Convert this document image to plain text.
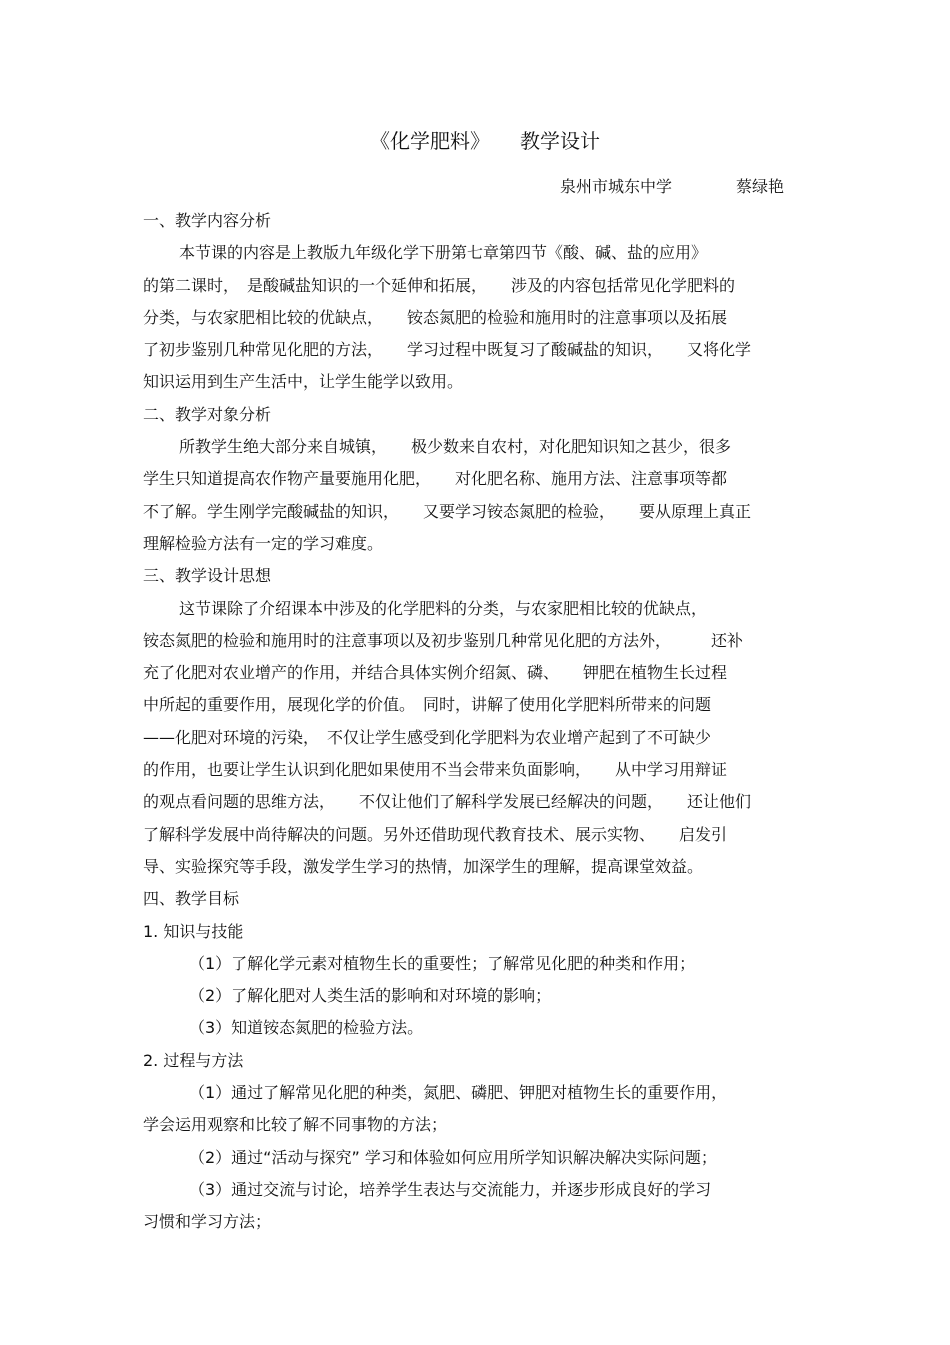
《化学肥料》　　教学设计
泉州市城东中学　　　　蔡绿艳
一、教学内容分析
本节课的内容是上教版九年级化学下册第七章第四节《酸、碱、盐的应用》
的第二课时，　是酸碱盐知识的一个延伸和拓展，　　涉及的内容包括常见化学肥料的
分类，与农家肥相比较的优缺点，　　铵态氮肥的检验和施用时的注意事项以及拓展
了初步鉴别几种常见化肥的方法，　　学习过程中既复习了酸碱盐的知识，　　又将化学
知识运用到生产生活中，让学生能学以致用。
二、教学对象分析
所教学生绝大部分来自城镇，　　极少数来自农村，对化肥知识知之甚少，很多
学生只知道提高农作物产量要施用化肥，　　对化肥名称、施用方法、注意事项等都
不了解。学生刚学完酸碱盐的知识，　　又要学习铵态氮肥的检验，　　要从原理上真正
理解检验方法有一定的学习难度。
三、教学设计思想
这节课除了介绍课本中涉及的化学肥料的分类，与农家肥相比较的优缺点，
铵态氮肥的检验和施用时的注意事项以及初步鉴别几种常见化肥的方法外，　　　还补
充了化肥对农业增产的作用，并结合具体实例介绍氮、磷、　　钾肥在植物生长过程
中所起的重要作用，展现化学的价值。　同时，讲解了使用化学肥料所带来的问题
——化肥对环境的污染，　不仅让学生感受到化学肥料为农业增产起到了不可缺少
的作用，也要让学生认识到化肥如果使用不当会带来负面影响，　　从中学习用辩证
的观点看问题的思维方法，　　不仅让他们了解科学发展已经解决的问题，　　还让他们
了解科学发展中尚待解决的问题。另外还借助现代教育技术、展示实物、　　启发引
导、实验探究等手段，激发学生学习的热情，加深学生的理解，提高课堂效益。
四、教学目标
1. 知识与技能
（1）了解化学元素对植物生长的重要性；了解常见化肥的种类和作用；
（2）了解化肥对人类生活的影响和对环境的影响；
（3）知道铵态氮肥的检验方法。
2. 过程与方法
（1）通过了解常见化肥的种类，氮肥、磷肥、钾肥对植物生长的重要作用，
学会运用观察和比较了解不同事物的方法；
（2）通过“活动与探究” 学习和体验如何应用所学知识解决解决实际问题；
（3）通过交流与讨论，培养学生表达与交流能力，并逐步形成良好的学习
习惯和学习方法；
